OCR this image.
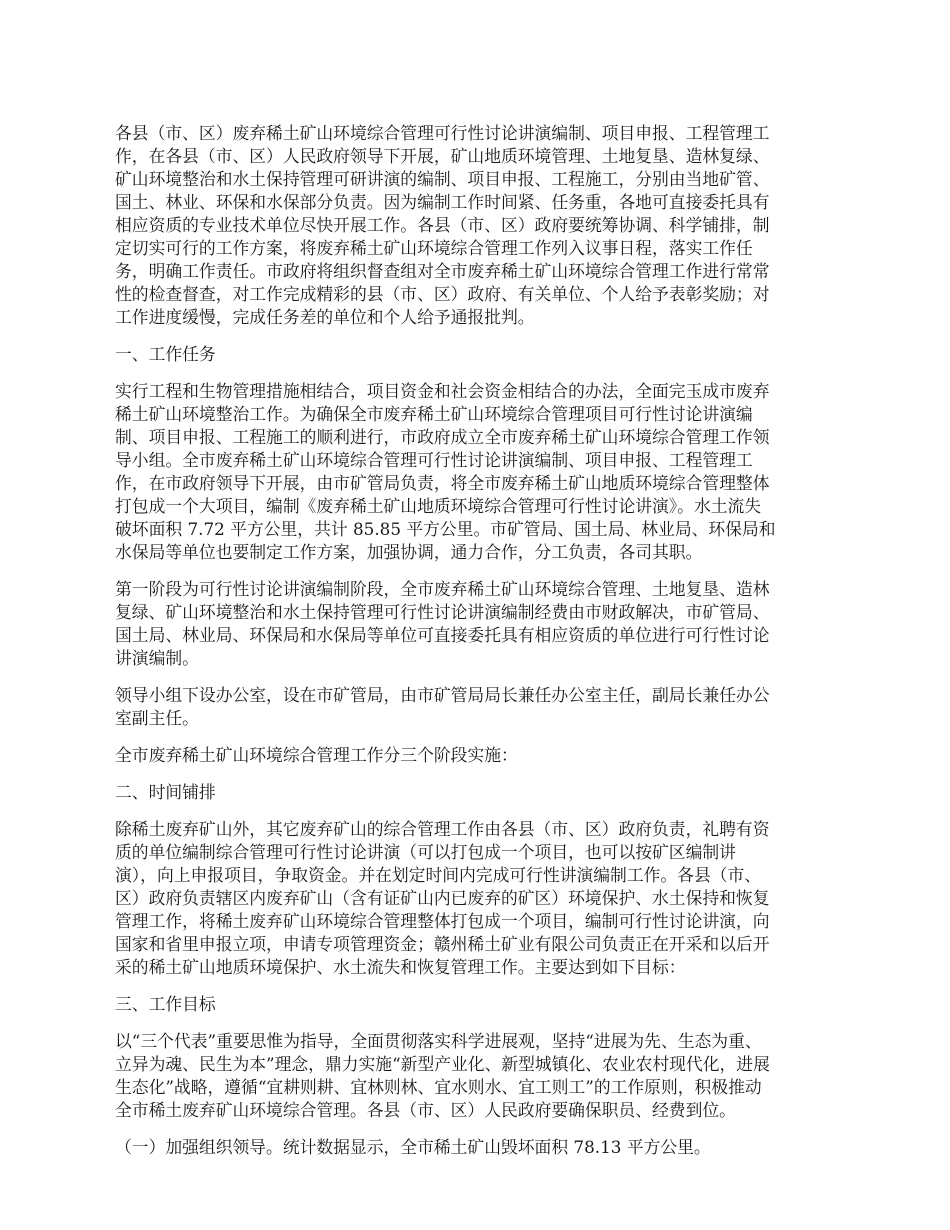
各县（市、区）废弃稀土矿山环境综合管理可行性讨论讲演编制、项目申报、工程管理工
作，在各县（市、区）人民政府领导下开展，矿山地质环境管理、土地复垦、造林复绿、
矿山环境整治和水土保持管理可研讲演的编制、项目申报、工程施工，分别由当地矿管、
国土、林业、环保和水保部分负责。因为编制工作时间紧、任务重，各地可直接委托具有
相应资质的专业技术单位尽快开展工作。各县（市、区）政府要统筹协调、科学铺排，制
定切实可行的工作方案，将废弃稀土矿山环境综合管理工作列入议事日程，落实工作任
务，明确工作责任。市政府将组织督查组对全市废弃稀土矿山环境综合管理工作进行常常
性的检查督查，对工作完成精彩的县（市、区）政府、有关单位、个人给予表彰奖励；对
工作进度缓慢，完成任务差的单位和个人给予通报批判。

一、工作任务

实行工程和生物管理措施相结合，项目资金和社会资金相结合的办法，全面完玉成市废弃
稀土矿山环境整治工作。为确保全市废弃稀土矿山环境综合管理项目可行性讨论讲演编
制、项目申报、工程施工的顺利进行，市政府成立全市废弃稀土矿山环境综合管理工作领
导小组。全市废弃稀土矿山环境综合管理可行性讨论讲演编制、项目申报、工程管理工
作，在市政府领导下开展，由市矿管局负责，将全市废弃稀土矿山地质环境综合管理整体
打包成一个大项目，编制《废弃稀土矿山地质环境综合管理可行性讨论讲演》。水土流失
破坏面积 7.72 平方公里，共计 85.85 平方公里。市矿管局、国土局、林业局、环保局和
水保局等单位也要制定工作方案，加强协调，通力合作，分工负责，各司其职。

第一阶段为可行性讨论讲演编制阶段，全市废弃稀土矿山环境综合管理、土地复垦、造林
复绿、矿山环境整治和水土保持管理可行性讨论讲演编制经费由市财政解决，市矿管局、
国土局、林业局、环保局和水保局等单位可直接委托具有相应资质的单位进行可行性讨论
讲演编制。

领导小组下设办公室，设在市矿管局，由市矿管局局长兼任办公室主任，副局长兼任办公
室副主任。

全市废弃稀土矿山环境综合管理工作分三个阶段实施：

二、时间铺排

除稀土废弃矿山外，其它废弃矿山的综合管理工作由各县（市、区）政府负责，礼聘有资
质的单位编制综合管理可行性讨论讲演（可以打包成一个项目，也可以按矿区编制讲
演），向上申报项目，争取资金。并在划定时间内完成可行性讲演编制工作。各县（市、
区）政府负责辖区内废弃矿山（含有证矿山内已废弃的矿区）环境保护、水土保持和恢复
管理工作，将稀土废弃矿山环境综合管理整体打包成一个项目，编制可行性讨论讲演，向
国家和省里申报立项，申请专项管理资金；赣州稀土矿业有限公司负责正在开采和以后开
采的稀土矿山地质环境保护、水土流失和恢复管理工作。主要达到如下目标：

三、工作目标

以“三个代表”重要思惟为指导，全面贯彻落实科学进展观，坚持“进展为先、生态为重、
立异为魂、民生为本”理念，鼎力实施“新型产业化、新型城镇化、农业农村现代化，进展
生态化”战略，遵循“宜耕则耕、宜林则林、宜水则水、宜工则工”的工作原则，积极推动
全市稀土废弃矿山环境综合管理。各县（市、区）人民政府要确保职员、经费到位。

（一）加强组织领导。统计数据显示，全市稀土矿山毁坏面积 78.13 平方公里。
